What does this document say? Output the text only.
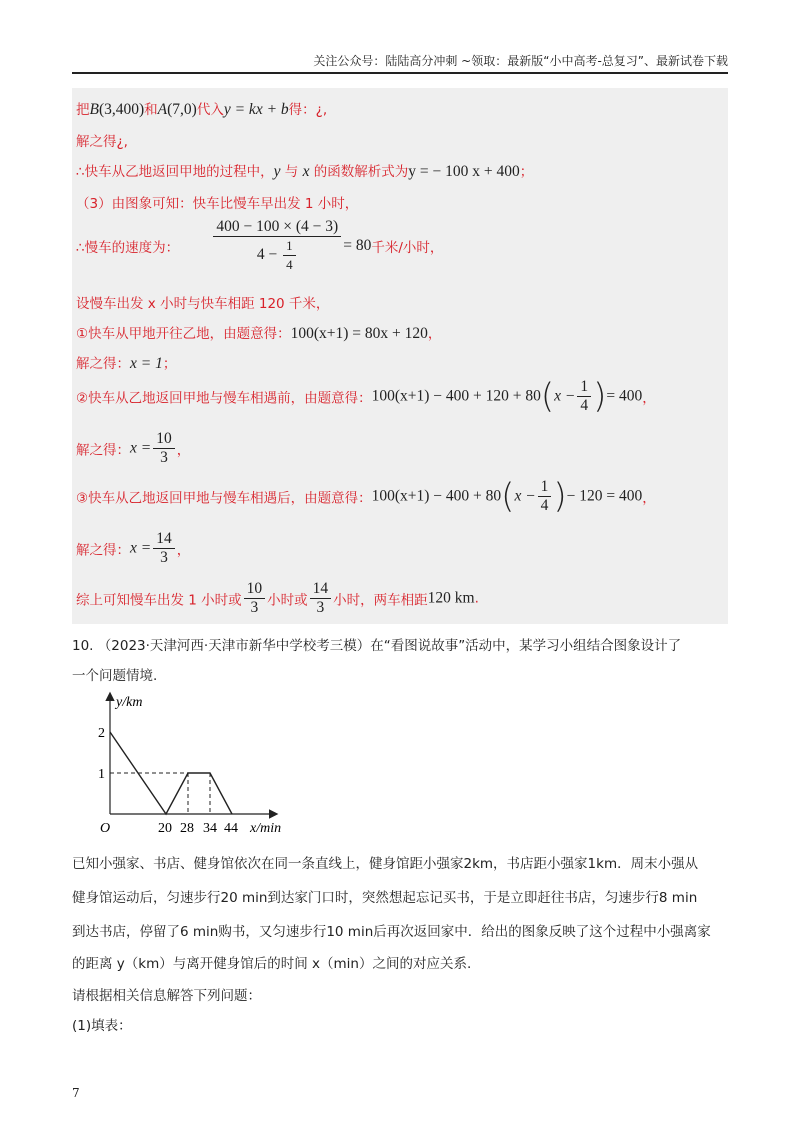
关注公众号：陆陆高分冲刺 ~领取：最新版“小中高考-总复习”、最新试卷下载
把B(3,400)和A(7,0)代入y = kx + b得：¿,
解之得¿,
∴快车从乙地返回甲地的过程中，y 与 x 的函数解析式为y = − 100 x + 400；
（3）由图象可知：快车比慢车早出发 1 小时，
∴慢车的速度为： $\frac{400 - 100 \times (4 - 3)}{4 - \frac{1}{4}} = 80$千米/小时，
设慢车出发 x 小时与快车相距 120 千米，
①快车从甲地开往乙地，由题意得：100(x+1) = 80x + 120，
解之得：x = 1；
②快车从乙地返回甲地与慢车相遇前，由题意得：$100(x+1) - 400 + 120 + 80(x - \frac{1}{4}$ )= 400，
解之得：$x = \frac{10}{3}$ ，
③快车从乙地返回甲地与慢车相遇后，由题意得：$100(x+1) - 400 + 80(x - \frac{1}{4}$ )− 120 = 400，
解之得：$x = \frac{14}{3}$ ，
综上可知慢车出发 1 小时或 $\frac{10}{3}$ 小时或 $\frac{14}{3}$ 小时，两车相距120 km.
10. （2023·天津河西·天津市新华中学校考三模）在“看图说故事”活动中，某学习小组结合图象设计了
一个问题情境.
y/km
x/min
O
2
1
20 28 34 44
已知小强家、书店、健身馆依次在同一条直线上，健身馆距小强家2km，书店距小强家1km．周末小强从
健身馆运动后，匀速步行20 min到达家门口时，突然想起忘记买书，于是立即赶往书店，匀速步行8 min
到达书店，停留了6 min购书，又匀速步行10 min后再次返回家中．给出的图象反映了这个过程中小强离家
的距离 y（km）与离开健身馆后的时间 x（min）之间的对应关系.
请根据相关信息解答下列问题：
(1)填表：
7
